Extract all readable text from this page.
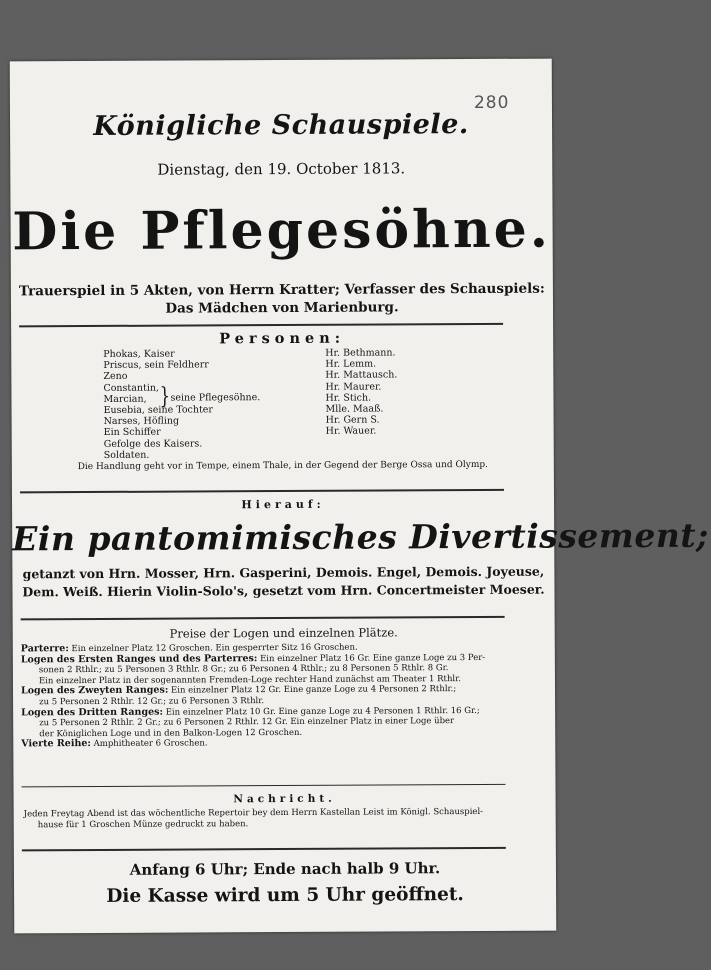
280
Königliche Schauspiele.
Dienstag, den 19. October 1813.
Die Pflegesöhne.
Trauerspiel in 5 Akten, von Herrn Kratter; Verfasser des Schauspiels:
Das Mädchen von Marienburg.
Personen:
Phokas, Kaiser	Hr. Bethmann.
Priscus, sein Feldherr	Hr. Lemm.
Zeno	Hr. Mattausch.
Constantin,	Hr. Maurer.
Marcian,	Hr. Stich.
} seine Pflegesöhne.
Eusebia, seine Tochter	Mlle. Maaß.
Narses, Höfling	Hr. Gern S.
Ein Schiffer	Hr. Wauer.
Gefolge des Kaisers.
Soldaten.
Die Handlung geht vor in Tempe, einem Thale, in der Gegend der Berge Ossa und Olymp.
Hierauf:
Ein pantomimisches Divertissement;
getanzt von Hrn. Mosser, Hrn. Gasperini, Demois. Engel, Demois. Joyeuse,
Dem. Weiß. Hierin Violin-Solo's, gesetzt vom Hrn. Concertmeister Moeser.
Preise der Logen und einzelnen Plätze.
Parterre: Ein einzelner Platz 12 Groschen. Ein gesperrter Sitz 16 Groschen.
Logen des Ersten Ranges und des Parterres: Ein einzelner Platz 16 Gr. Eine ganze Loge zu 3 Per-
sonen 2 Rthlr.; zu 5 Personen 3 Rthlr. 8 Gr.; zu 6 Personen 4 Rthlr.; zu 8 Personen 5 Rthlr. 8 Gr.
Ein einzelner Platz in der sogenannten Fremden-Loge rechter Hand zunächst am Theater 1 Rthlr.
Logen des Zweyten Ranges: Ein einzelner Platz 12 Gr. Eine ganze Loge zu 4 Personen 2 Rthlr.;
zu 5 Personen 2 Rthlr. 12 Gr.; zu 6 Personen 3 Rthlr.
Logen des Dritten Ranges: Ein einzelner Platz 10 Gr. Eine ganze Loge zu 4 Personen 1 Rthlr. 16 Gr.;
zu 5 Personen 2 Rthlr. 2 Gr.; zu 6 Personen 2 Rthlr. 12 Gr. Ein einzelner Platz in einer Loge über
der Königlichen Loge und in den Balkon-Logen 12 Groschen.
Vierte Reihe: Amphitheater 6 Groschen.
Nachricht.
Jeden Freytag Abend ist das wöchentliche Repertoir bey dem Herrn Kastellan Leist im Königl. Schauspiel-
hause für 1 Groschen Münze gedruckt zu haben.
Anfang 6 Uhr; Ende nach halb 9 Uhr.
Die Kasse wird um 5 Uhr geöffnet.
